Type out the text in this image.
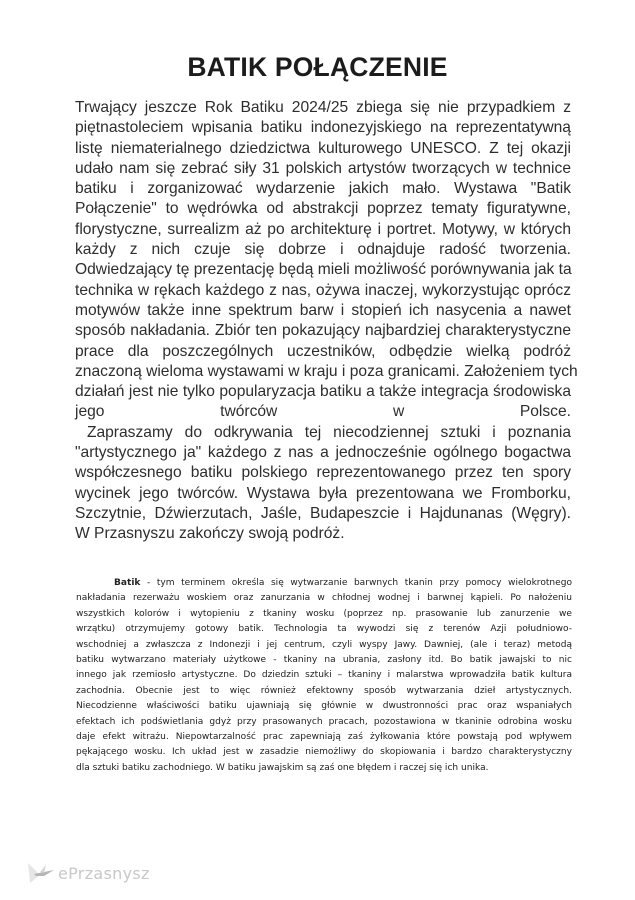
BATIK POŁĄCZENIE
Trwający jeszcze Rok Batiku 2024/25 zbiega się nie przypadkiem z
piętnastoleciem wpisania batiku indonezyjskiego na reprezentatywną
listę niematerialnego dziedzictwa kulturowego UNESCO. Z tej okazji
udało nam się zebrać siły 31 polskich artystów tworzących w technice
batiku i zorganizować wydarzenie jakich mało. Wystawa "Batik
Połączenie" to wędrówka od abstrakcji poprzez tematy figuratywne,
florystyczne, surrealizm aż po architekturę i portret. Motywy, w których
każdy z nich czuje się dobrze i odnajduje radość tworzenia.
Odwiedzający tę prezentację będą mieli możliwość porównywania jak ta
technika w rękach każdego z nas, ożywa inaczej, wykorzystując oprócz
motywów także inne spektrum barw i stopień ich nasycenia a nawet
sposób nakładania. Zbiór ten pokazujący najbardziej charakterystyczne
prace dla poszczególnych uczestników, odbędzie wielką podróż
znaczoną wieloma wystawami w kraju i poza granicami. Założeniem tych
działań jest nie tylko popularyzacja batiku a także integracja środowiska
jego	twórców	w	Polsce.
Zapraszamy do odkrywania tej niecodziennej sztuki i poznania
"artystycznego ja" każdego z nas a jednocześnie ogólnego bogactwa
współczesnego batiku polskiego reprezentowanego przez ten spory
wycinek jego twórców. Wystawa była prezentowana we Fromborku,
Szczytnie, Dźwierzutach, Jaśle, Budapeszcie i Hajdunanas (Węgry).
W Przasnyszu zakończy swoją podróż.
Batik - tym terminem określa się wytwarzanie barwnych tkanin przy pomocy wielokrotnego
nakładania rezerważu woskiem oraz zanurzania w chłodnej wodnej i barwnej kąpieli. Po nałożeniu
wszystkich kolorów i wytopieniu z tkaniny wosku (poprzez np. prasowanie lub zanurzenie we
wrzątku) otrzymujemy gotowy batik. Technologia ta wywodzi się z terenów Azji południowo-
wschodniej a zwłaszcza z Indonezji i jej centrum, czyli wyspy Jawy. Dawniej, (ale i teraz) metodą
batiku wytwarzano materiały użytkowe - tkaniny na ubrania, zasłony itd. Bo batik jawajski to nic
innego jak rzemiosło artystyczne. Do dziedzin sztuki – tkaniny i malarstwa wprowadziła batik kultura
zachodnia. Obecnie jest to więc również efektowny sposób wytwarzania dzieł artystycznych.
Niecodzienne właściwości batiku ujawniają się głównie w dwustronności prac oraz wspaniałych
efektach ich podświetlania gdyż przy prasowanych pracach, pozostawiona w tkaninie odrobina wosku
daje efekt witrażu. Niepowtarzalność prac zapewniają zaś żyłkowania które powstają pod wpływem
pękającego wosku. Ich układ jest w zasadzie niemożliwy do skopiowania i bardzo charakterystyczny
dla sztuki batiku zachodniego. W batiku jawajskim są zaś one błędem i raczej się ich unika.
ePrzasnysz
